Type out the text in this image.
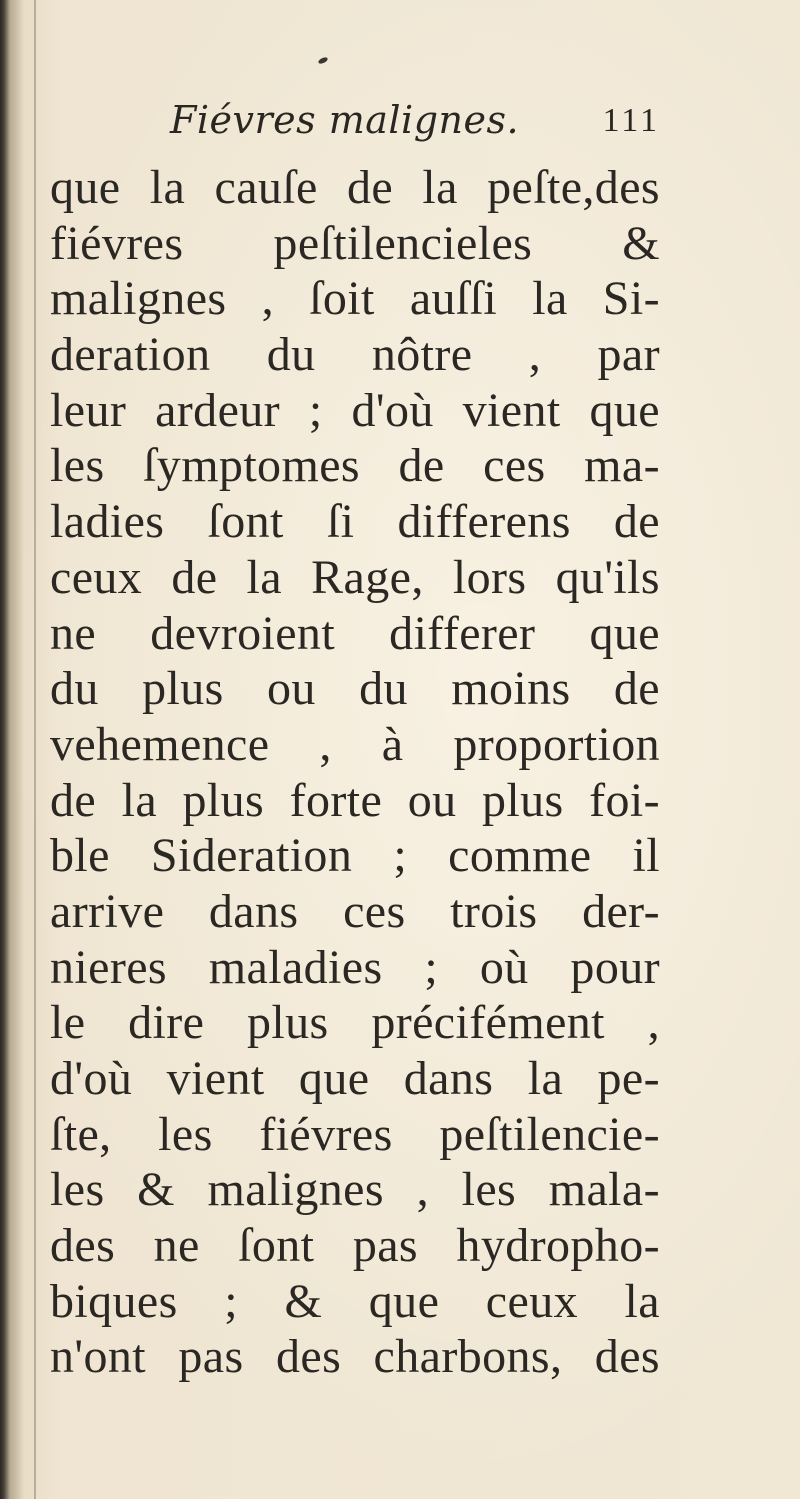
Fiévres malignes. 111
que la cauſe de la peſte,des
fiévres peſtilencieles &
malignes , ſoit auſſi la Si-
deration du nôtre , par
leur ardeur ; d'où vient que
les ſymptomes de ces ma-
ladies ſont ſi differens de
ceux de la Rage, lors qu'ils
ne devroient differer que
du plus ou du moins de
vehemence , à proportion
de la plus forte ou plus foi-
ble Sideration ; comme il
arrive dans ces trois der-
nieres maladies ; où pour
le dire plus précifément ,
d'où vient que dans la pe-
ſte, les fiévres peſtilencie-
les & malignes , les mala-
des ne ſont pas hydropho-
biques ; & que ceux la
n'ont pas des charbons, des
